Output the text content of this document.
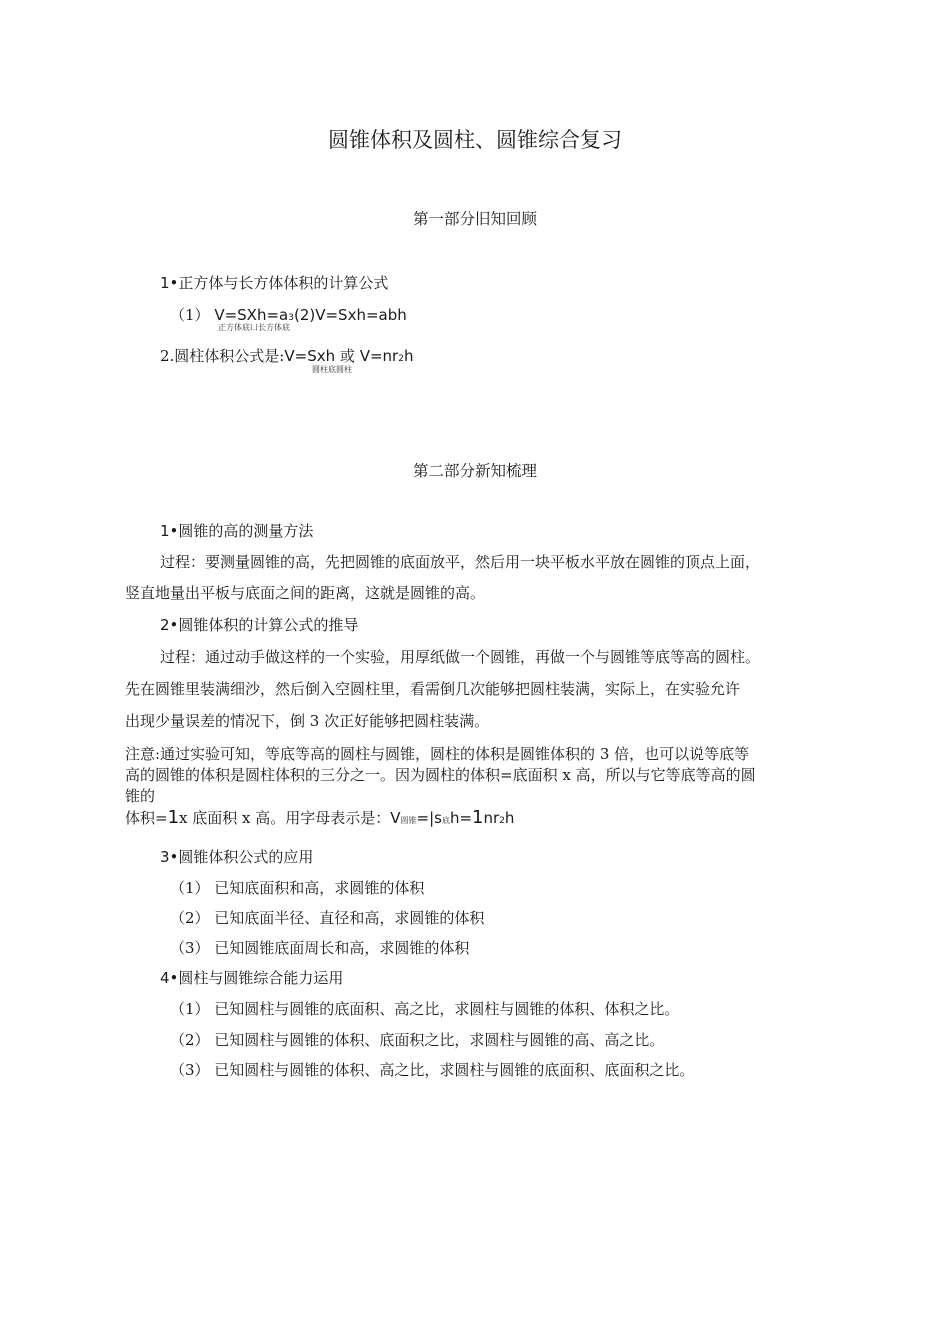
圆锥体积及圆柱、圆锥综合复习
第一部分旧知回顾
1•正方体与长方体体积的计算公式
（1） V=SXh=a3(2)V=Sxh=abh
正方体底⼐长方体底
2.圆柱体积公式是:V=Sxh 或 V=nr2h
圆柱底圆柱
第二部分新知梳理
1•圆锥的高的测量方法
过程：要测量圆锥的高，先把圆锥的底面放平，然后用一块平板水平放在圆锥的顶点上面，
竖直地量出平板与底面之间的距离，这就是圆锥的高。
2•圆锥体积的计算公式的推导
过程：通过动手做这样的一个实验，用厚纸做一个圆锥，再做一个与圆锥等底等高的圆柱。
先在圆锥里装满细沙，然后倒入空圆柱里，看需倒几次能够把圆柱装满，实际上，在实验允许
出现少量误差的情况下，倒 3 次正好能够把圆柱装满。
注意:通过实验可知，等底等高的圆柱与圆锥，圆柱的体积是圆锥体积的 3 倍，也可以说等底等
高的圆锥的体积是圆柱体积的三分之一。因为圆柱的体积=底面积 x 高，所以与它等底等高的圆
锥的
体积=1x 底面积 x 高。用字母表示是：V圆锥=|s底h=1nr2h
3•圆锥体积公式的应用
（1） 已知底面积和高，求圆锥的体积
（2） 已知底面半径、直径和高，求圆锥的体积
（3） 已知圆锥底面周长和高，求圆锥的体积
4•圆柱与圆锥综合能力运用
（1） 已知圆柱与圆锥的底面积、高之比，求圆柱与圆锥的体积、体积之比。
（2） 已知圆柱与圆锥的体积、底面积之比，求圆柱与圆锥的高、高之比。
（3） 已知圆柱与圆锥的体积、高之比，求圆柱与圆锥的底面积、底面积之比。
